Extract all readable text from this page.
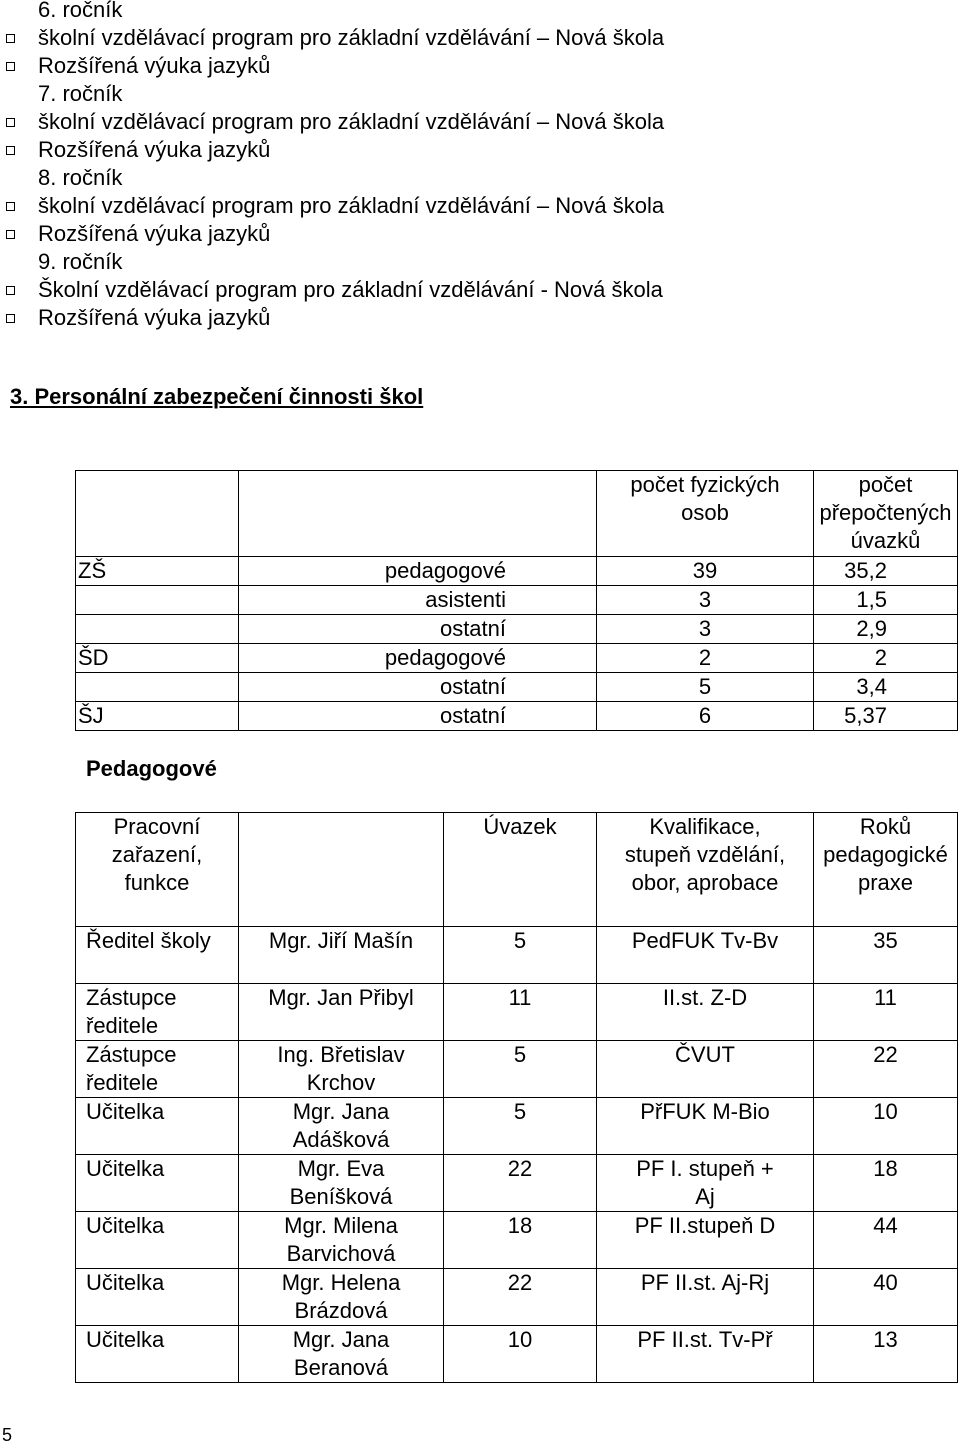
6. ročník
školní vzdělávací program pro základní vzdělávání – Nová škola
Rozšířená výuka jazyků
7. ročník
školní vzdělávací program pro základní vzdělávání – Nová škola
Rozšířená výuka jazyků
8. ročník
školní vzdělávací program pro základní vzdělávání – Nová škola
Rozšířená výuka jazyků
9. ročník
Školní vzdělávací program pro základní vzdělávání - Nová škola
Rozšířená výuka jazyků
3. Personální zabezpečení činnosti škol
		počet fyzických osob	počet přepočtených úvazků
ZŠ	pedagogové	39	35,2
	asistenti	3	1,5
	ostatní	3	2,9
ŠD	pedagogové	2	2
	ostatní	5	3,4
ŠJ	ostatní	6	5,37
Pedagogové
Pracovní zařazení, funkce		Úvazek	Kvalifikace, stupeň vzdělání, obor, aprobace	Roků pedagogické praxe
Ředitel školy	Mgr. Jiří Mašín	5	PedFUK Tv-Bv	35
Zástupce ředitele	Mgr. Jan Přibyl	11	II.st. Z-D	11
Zástupce ředitele	Ing. Břetislav Krchov	5	ČVUT	22
Učitelka	Mgr. Jana Adášková	5	PřFUK M-Bio	10
Učitelka	Mgr. Eva Beníšková	22	PF I. stupeň + Aj	18
Učitelka	Mgr. Milena Barvichová	18	PF II.stupeň D	44
Učitelka	Mgr. Helena Brázdová	22	PF II.st. Aj-Rj	40
Učitelka	Mgr. Jana Beranová	10	PF II.st. Tv-Př	13
5
